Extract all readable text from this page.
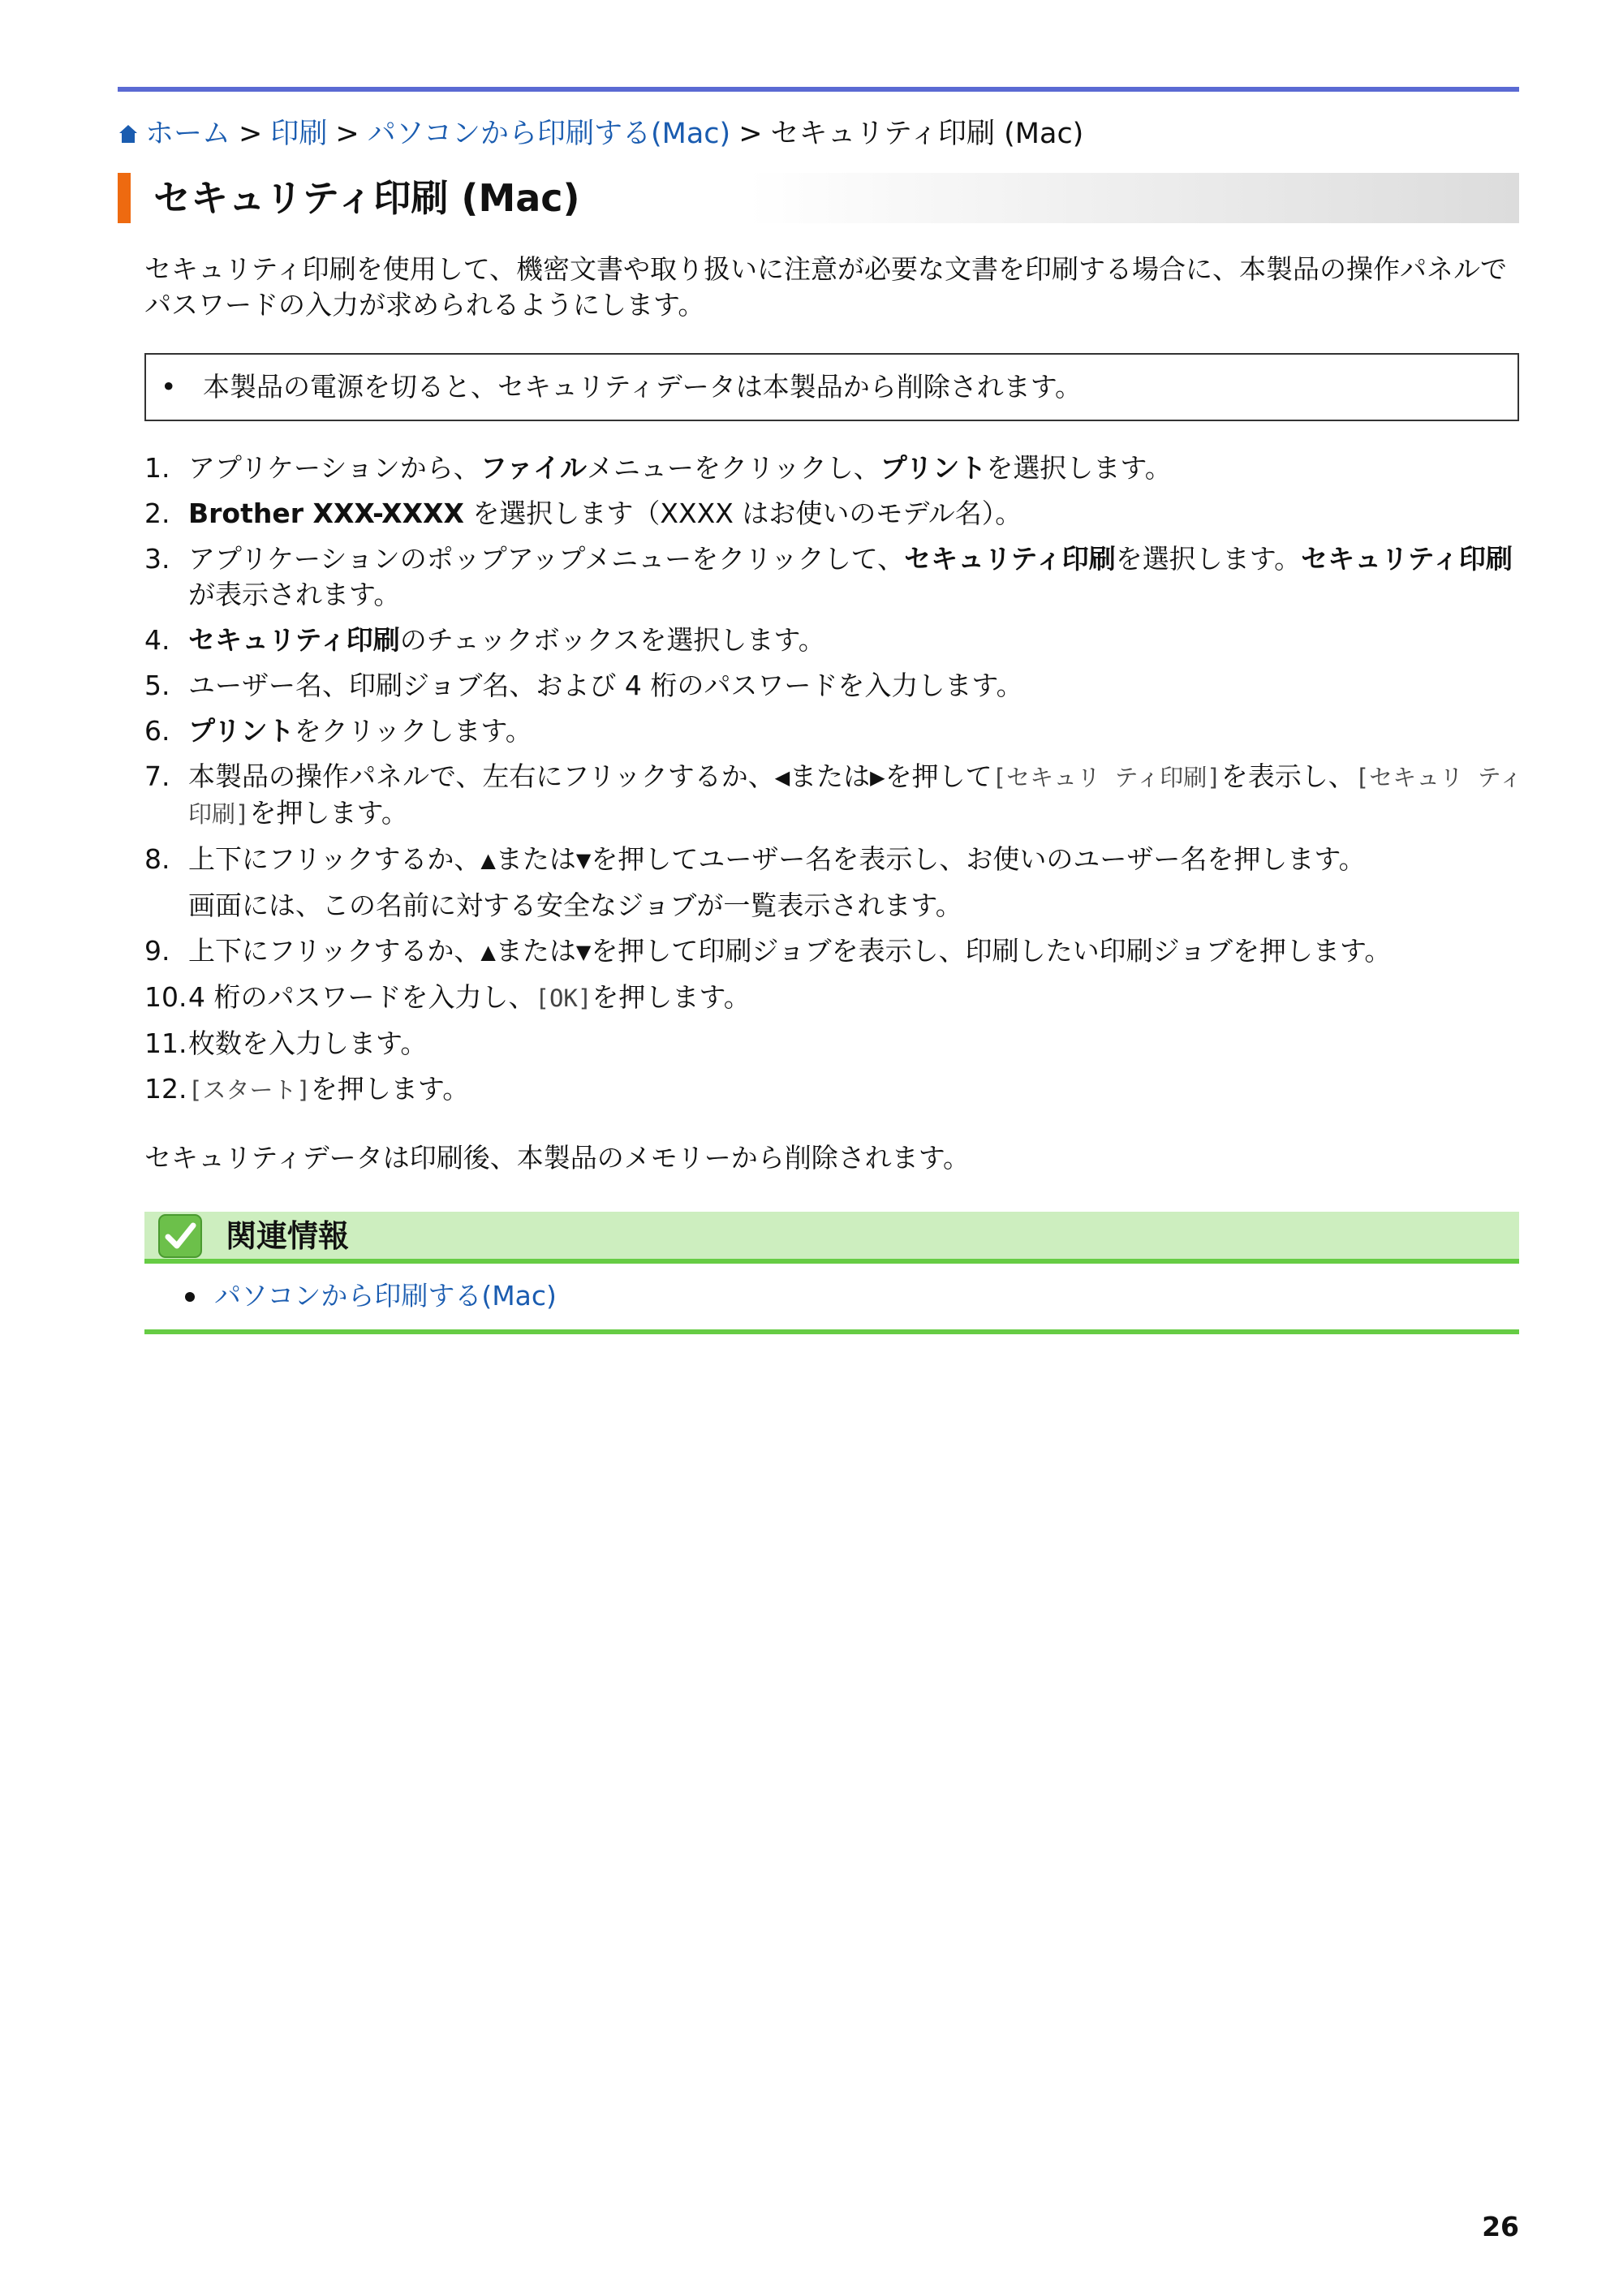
ホーム > 印刷 > パソコンから印刷する(Mac) > セキュリティ印刷 (Mac)
セキュリティ印刷 (Mac)

セキュリティ印刷を使用して、機密文書や取り扱いに注意が必要な文書を印刷する場合に、本製品の操作パネルでパスワードの入力が求められるようにします。

• 本製品の電源を切ると、セキュリティデータは本製品から削除されます。
1. アプリケーションから、ファイルメニューをクリックし、プリントを選択します。
2. Brother XXX-XXXX を選択します（XXXX はお使いのモデル名）。
3. アプリケーションのポップアップメニューをクリックして、セキュリティ印刷を選択します。セキュリティ印刷が表示されます。
4. セキュリティ印刷のチェックボックスを選択します。
5. ユーザー名、印刷ジョブ名、および 4 桁のパスワードを入力します。
6. プリントをクリックします。
7. 本製品の操作パネルで、左右にフリックするか、◀または▶を押して[セキュリ ティ印刷]を表示し、[セキュリ ティ印刷]を押します。
8. 上下にフリックするか、▲または▼を押してユーザー名を表示し、お使いのユーザー名を押します。
画面には、この名前に対する安全なジョブが一覧表示されます。
9. 上下にフリックするか、▲または▼を押して印刷ジョブを表示し、印刷したい印刷ジョブを押します。
10. 4 桁のパスワードを入力し、[OK]を押します。
11. 枚数を入力します。
12. [スタート]を押します。

セキュリティデータは印刷後、本製品のメモリーから削除されます。

関連情報
パソコンから印刷する(Mac)
26
